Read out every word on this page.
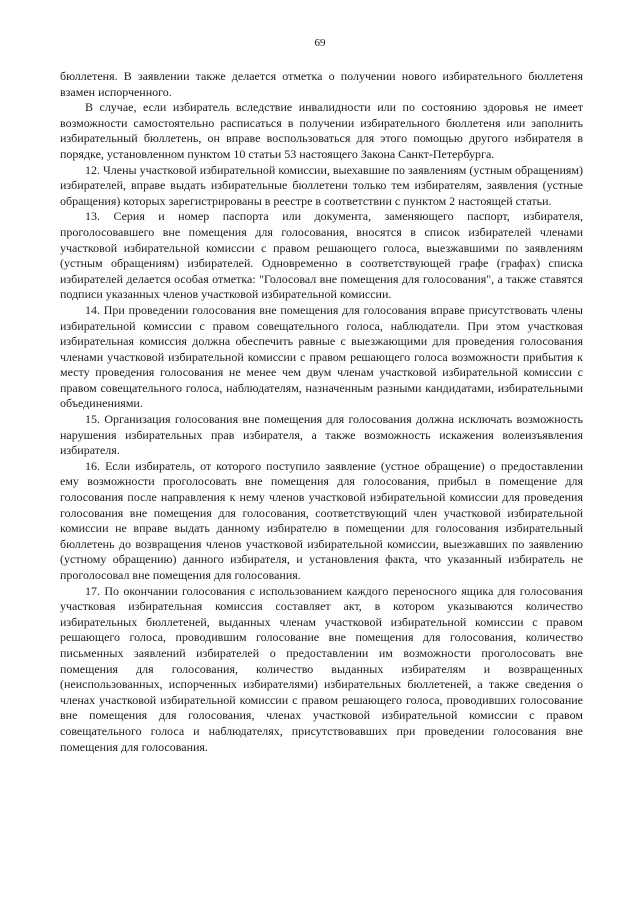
69

бюллетеня. В заявлении также делается отметка о получении нового избирательного бюллетеня взамен испорченного.

В случае, если избиратель вследствие инвалидности или по состоянию здоровья не имеет возможности самостоятельно расписаться в получении избирательного бюллетеня или заполнить избирательный бюллетень, он вправе воспользоваться для этого помощью другого избирателя в порядке, установленном пунктом 10 статьи 53 настоящего Закона Санкт-Петербурга.

12. Члены участковой избирательной комиссии, выехавшие по заявлениям (устным обращениям) избирателей, вправе выдать избирательные бюллетени только тем избирателям, заявления (устные обращения) которых зарегистрированы в реестре в соответствии с пунктом 2 настоящей статьи.

13. Серия и номер паспорта или документа, заменяющего паспорт, избирателя, проголосовавшего вне помещения для голосования, вносятся в список избирателей членами участковой избирательной комиссии с правом решающего голоса, выезжавшими по заявлениям (устным обращениям) избирателей. Одновременно в соответствующей графе (графах) списка избирателей делается особая отметка: "Голосовал вне помещения для голосования", а также ставятся подписи указанных членов участковой избирательной комиссии.

14. При проведении голосования вне помещения для голосования вправе присутствовать члены избирательной комиссии с правом совещательного голоса, наблюдатели. При этом участковая избирательная комиссия должна обеспечить равные с выезжающими для проведения голосования членами участковой избирательной комиссии с правом решающего голоса возможности прибытия к месту проведения голосования не менее чем двум членам участковой избирательной комиссии с правом совещательного голоса, наблюдателям, назначенным разными кандидатами, избирательными объединениями.

15. Организация голосования вне помещения для голосования должна исключать возможность нарушения избирательных прав избирателя, а также возможность искажения волеизъявления избирателя.

16. Если избиратель, от которого поступило заявление (устное обращение) о предоставлении ему возможности проголосовать вне помещения для голосования, прибыл в помещение для голосования после направления к нему членов участковой избирательной комиссии для проведения голосования вне помещения для голосования, соответствующий член участковой избирательной комиссии не вправе выдать данному избирателю в помещении для голосования избирательный бюллетень до возвращения членов участковой избирательной комиссии, выезжавших по заявлению (устному обращению) данного избирателя, и установления факта, что указанный избиратель не проголосовал вне помещения для голосования.

17. По окончании голосования с использованием каждого переносного ящика для голосования участковая избирательная комиссия составляет акт, в котором указываются количество избирательных бюллетеней, выданных членам участковой избирательной комиссии с правом решающего голоса, проводившим голосование вне помещения для голосования, количество письменных заявлений избирателей о предоставлении им возможности проголосовать вне помещения для голосования, количество выданных избирателям и возвращенных (неиспользованных, испорченных избирателями) избирательных бюллетеней, а также сведения о членах участковой избирательной комиссии с правом решающего голоса, проводивших голосование вне помещения для голосования, членах участковой избирательной комиссии с правом совещательного голоса и наблюдателях, присутствовавших при проведении голосования вне помещения для голосования.
